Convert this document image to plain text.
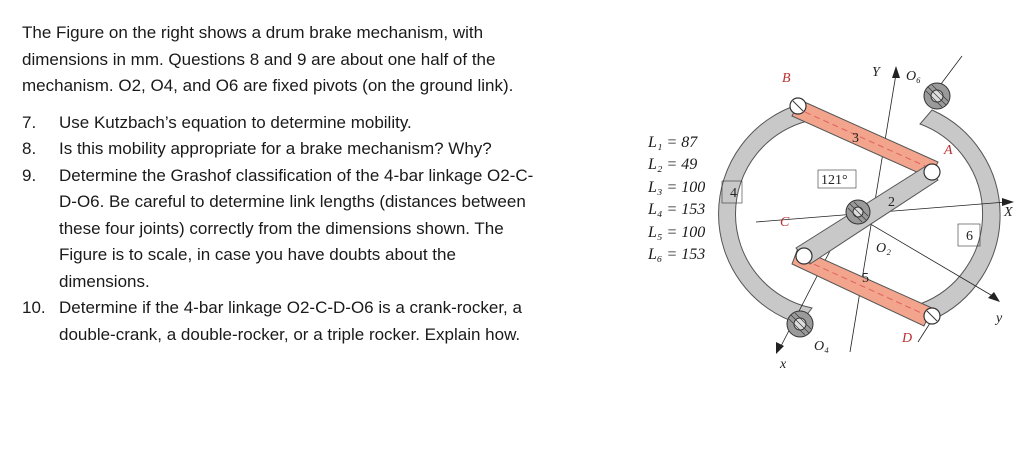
The Figure on the right shows a drum brake mechanism, with
dimensions in mm. Questions 8 and 9 are about one half of the
mechanism. O2, O4, and O6 are fixed pivots (on the ground link).

7. Use Kutzbach’s equation to determine mobility.
8. Is this mobility appropriate for a brake mechanism? Why?
9. Determine the Grashof classification of the 4-bar linkage O2-C-
D-O6. Be careful to determine link lengths (distances between
these four joints) correctly from the dimensions shown. The
Figure is to scale, in case you have doubts about the
dimensions.
10. Determine if the 4-bar linkage O2-C-D-O6 is a crank-rocker, a
double-crank, a double-rocker, or a triple rocker. Explain how.
L₁ = 87
L₂ = 49
L₃ = 100
L₄ = 153
L₅ = 100
L₆ = 153
B
A
C
D
Y
X
x
y
O₆
O₂
O₄
121°
3
2
4
5
6
